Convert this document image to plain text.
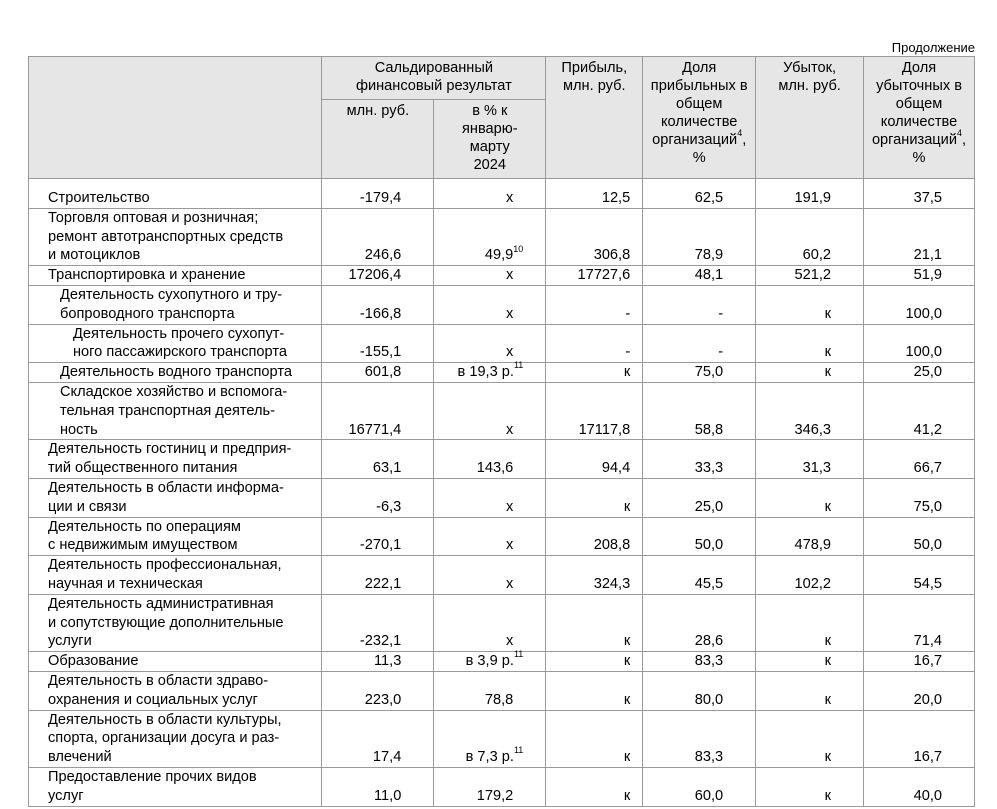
Продолжение
	Сальдированный финансовый результат		Прибыль, млн. руб.	Доля прибыльных в общем количестве организаций$^4$, %	Убыток, млн. руб.	Доля убыточных в общем количестве организаций$^4$, %
	млн. руб.	в % к январю-марту 2024				

Строительство	-179,4	х	12,5	62,5	191,9	37,5

Торговля оптовая и розничная;
ремонт автотранспортных средств
и мотоциклов	246,6	49,9$^{10}$	306,8	78,9	60,2	21,1

Транспортировка и хранение	17206,4	х	17727,6	48,1	521,2	51,9

Деятельность сухопутного и тру-
бопроводного транспорта	-166,8	х	-	-	к	100,0

Деятельность прочего сухопут-
ного пассажирского транспорта	-155,1	х	-	-	к	100,0

Деятельность водного транспорта	601,8	в 19,3 р.$^{11}$	к	75,0	к	25,0

Складское хозяйство и вспомога-
тельная транспортная деятель-
ность	16771,4	х	17117,8	58,8	346,3	41,2

Деятельность гостиниц и предприя-
тий общественного питания	63,1	143,6	94,4	33,3	31,3	66,7

Деятельность в области информа-
ции и связи	-6,3	х	к	25,0	к	75,0

Деятельность по операциям
с недвижимым имуществом	-270,1	х	208,8	50,0	478,9	50,0

Деятельность профессиональная,
научная и техническая	222,1	х	324,3	45,5	102,2	54,5

Деятельность административная
и сопутствующие дополнительные
услуги	-232,1	х	к	28,6	к	71,4

Образование	11,3	в 3,9 р.$^{11}$	к	83,3	к	16,7

Деятельность в области здраво-
охранения и социальных услуг	223,0	78,8	к	80,0	к	20,0

Деятельность в области культуры,
спорта, организации досуга и раз-
влечений	17,4	в 7,3 р.$^{11}$	к	83,3	к	16,7

Предоставление прочих видов
услуг	11,0	179,2	к	60,0	к	40,0
